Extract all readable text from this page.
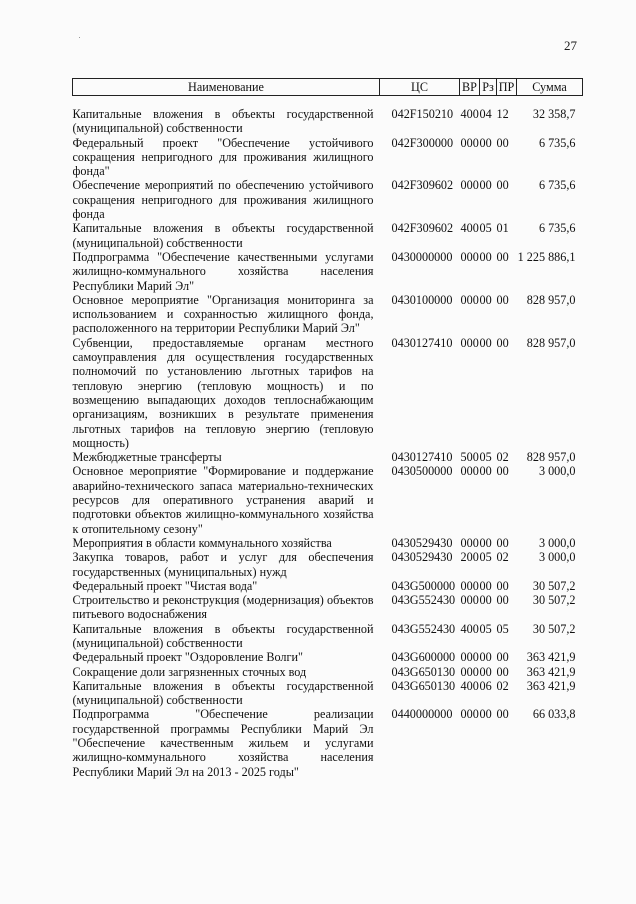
27
Наименование	ЦС	ВР	Рз	ПР	Сумма
Капитальные вложения в объекты государственной (муниципальной) собственности	042F150210	400	04	12	32 358,7
Федеральный проект "Обеспечение устойчивого сокращения непригодного для проживания жилищного фонда"	042F300000	000	00	00	6 735,6
Обеспечение мероприятий по обеспечению устойчивого сокращения непригодного для проживания жилищного фонда	042F309602	000	00	00	6 735,6
Капитальные вложения в объекты государственной (муниципальной) собственности	042F309602	400	05	01	6 735,6
Подпрограмма "Обеспечение качественными услугами жилищно-коммунального хозяйства населения Республики Марий Эл"	0430000000	000	00	00	1 225 886,1
Основное мероприятие "Организация мониторинга за использованием и сохранностью жилищного фонда, расположенного на территории Республики Марий Эл"	0430100000	000	00	00	828 957,0
Субвенции, предоставляемые органам местного самоуправления для осуществления государственных полномочий по установлению льготных тарифов на тепловую энергию (тепловую мощность) и по возмещению выпадающих доходов теплоснабжающим организациям, возникших в результате применения льготных тарифов на тепловую энергию (тепловую мощность)	0430127410	000	00	00	828 957,0
Межбюджетные трансферты	0430127410	500	05	02	828 957,0
Основное мероприятие "Формирование и поддержание аварийно-технического запаса материально-технических ресурсов для оперативного устранения аварий и подготовки объектов жилищно-коммунального хозяйства к отопительному сезону"	0430500000	000	00	00	3 000,0
Мероприятия в области коммунального хозяйства	0430529430	000	00	00	3 000,0
Закупка товаров, работ и услуг для обеспечения государственных (муниципальных) нужд	0430529430	200	05	02	3 000,0
Федеральный проект "Чистая вода"	043G500000	000	00	00	30 507,2
Строительство и реконструкция (модернизация) объектов питьевого водоснабжения	043G552430	000	00	00	30 507,2
Капитальные вложения в объекты государственной (муниципальной) собственности	043G552430	400	05	05	30 507,2
Федеральный проект "Оздоровление Волги"	043G600000	000	00	00	363 421,9
Сокращение доли загрязненных сточных вод	043G650130	000	00	00	363 421,9
Капитальные вложения в объекты государственной (муниципальной) собственности	043G650130	400	06	02	363 421,9
Подпрограмма "Обеспечение реализации государственной программы Республики Марий Эл "Обеспечение качественным жильем и услугами жилищно-коммунального хозяйства населения Республики Марий Эл на 2013 - 2025 годы"	0440000000	000	00	00	66 033,8
